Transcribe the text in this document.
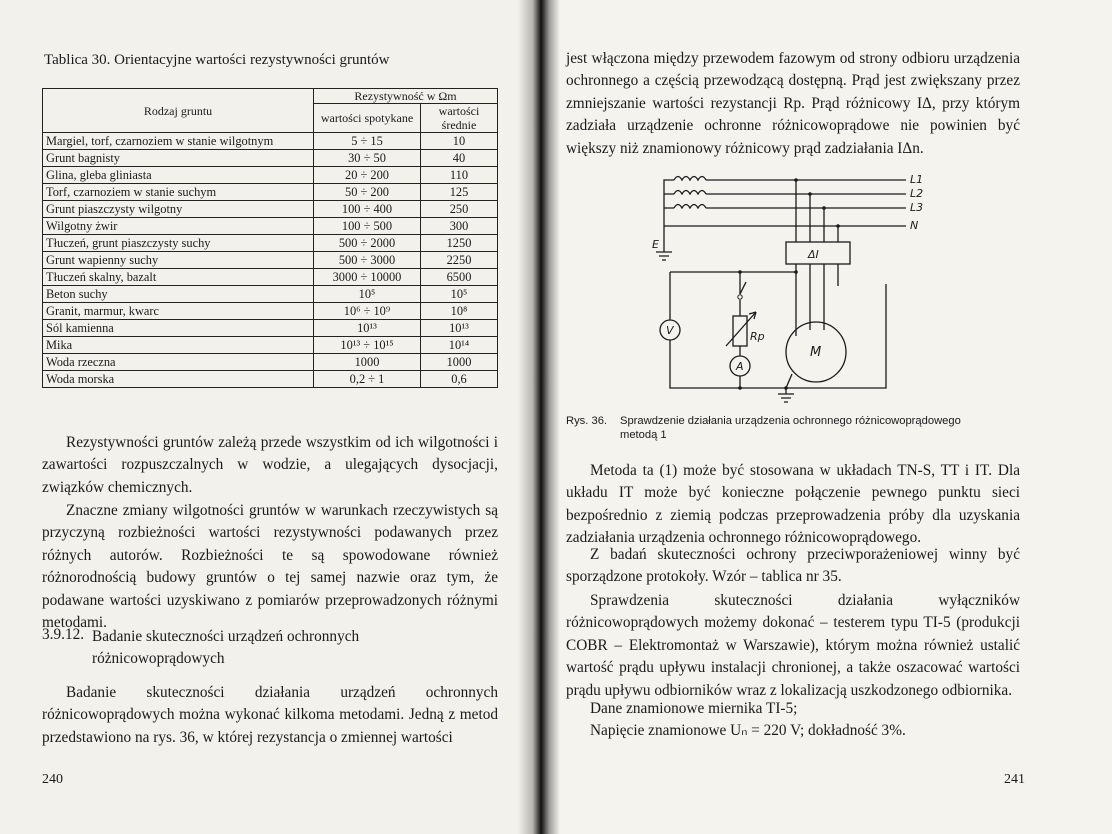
Tablica 30. Orientacyjne wartości rezystywności gruntów
Rodzaj gruntu	Rezystywność w Ωm	
	wartości spotykane	wartości średnie
Margiel, torf, czarnoziem w stanie wilgotnym	5 ÷ 15	10
Grunt bagnisty	30 ÷ 50	40
Glina, gleba gliniasta	20 ÷ 200	110
Torf, czarnoziem w stanie suchym	50 ÷ 200	125
Grunt piaszczysty wilgotny	100 ÷ 400	250
Wilgotny żwir	100 ÷ 500	300
Tłuczeń, grunt piaszczysty suchy	500 ÷ 2000	1250
Grunt wapienny suchy	500 ÷ 3000	2250
Tłuczeń skalny, bazalt	3000 ÷ 10000	6500
Beton suchy	10⁵	10⁵
Granit, marmur, kwarc	10⁶ ÷ 10⁹	10⁸
Sól kamienna	10¹³	10¹³
Mika	10¹³ ÷ 10¹⁵	10¹⁴
Woda rzeczna	1000	1000
Woda morska	0,2 ÷ 1	0,6

Rezystywności gruntów zależą przede wszystkim od ich wilgotności i zawartości rozpuszczalnych w wodzie, a ulegających dysocjacji, związków chemicznych.

Znaczne zmiany wilgotności gruntów w warunkach rzeczywistych są przyczyną rozbieżności wartości rezystywności podawanych przez różnych autorów. Rozbieżności te są spowodowane również różnorodnością budowy gruntów o tej samej nazwie oraz tym, że podawane wartości uzyskiwano z pomiarów przeprowadzonych różnymi metodami.

3.9.12. Badanie skuteczności urządzeń ochronnych różnicowoprądowych

Badanie skuteczności działania urządzeń ochronnych różnicowoprądowych można wykonać kilkoma metodami. Jedną z metod przedstawiono na rys. 36, w której rezystancja o zmiennej wartości

240

jest włączona między przewodem fazowym od strony odbioru urządzenia ochronnego a częścią przewodzącą dostępną. Prąd jest zwiększany przez zmniejszanie wartości rezystancji Rp. Prąd różnicowy IΔ, przy którym zadziała urządzenie ochronne różnicowoprądowe nie powinien być większy niż znamionowy różnicowy prąd zadziałania IΔn.

Metoda ta (1) może być stosowana w układach TN-S, TT i IT. Dla układu IT może być konieczne połączenie pewnego punktu sieci bezpośrednio z ziemią podczas przeprowadzenia próby dla uzyskania zadziałania urządzenia ochronnego różnicowoprądowego.

Z badań skuteczności ochrony przeciwporażeniowej winny być sporządzone protokoły. Wzór – tablica nr 35.

Sprawdzenia skuteczności działania wyłączników różnicowoprądowych możemy dokonać – testerem typu TI-5 (produkcji COBR – Elektromontaż w Warszawie), którym można również ustalić wartość prądu upływu instalacji chronionej, a także oszacować wartości prądu upływu odbiorników wraz z lokalizacją uszkodzonego odbiornika.

Dane znamionowe miernika TI-5;

Napięcie znamionowe Uₙ = 220 V; dokładność 3%.

241
L1
L2
L3
N
E
ΔI
V
A
Rp
M
Rys. 36. Sprawdzenie działania urządzenia ochronnego różnicowoprądowego
metodą 1
